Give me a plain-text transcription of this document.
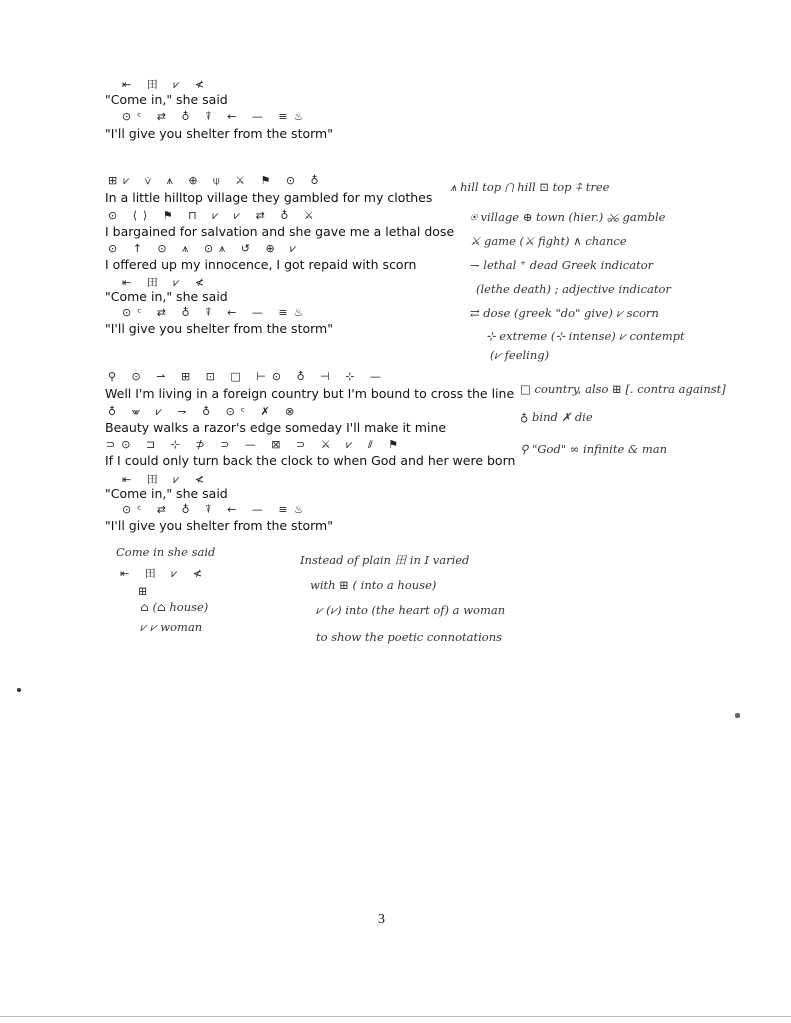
⇤ 田 ⩗ ≮
"Come in," she said
⊙ᶜ ⇄ ♁ ⍒ ← — ≡♨
"I'll give you shelter from the storm"
⊞⩗ ⩒ ⩚ ⊕ ⍦ ⚔ ⚑ ⊙ ♁
In a little hilltop village they gambled for my clothes
⊙ ⟨⟩ ⚑ ⊓ ⩗ ⩗ ⇄ ♁ ⚔
I bargained for salvation and she gave me a lethal dose
⊙ ↑ ⊙ ⩚ ⊙⩚ ↺ ⊕ ⩗
I offered up my innocence, I got repaid with scorn
⇤ 田 ⩗ ≮
"Come in," she said
⊙ᶜ ⇄ ♁ ⍒ ← — ≡♨
"I'll give you shelter from the storm"
⚲ ⊙ ⇀ ⊞ ⊡ □ ⊢⊙ ♁ ⊣ ⊹ —
Well I'm living in a foreign country but I'm bound to cross the line
♁ ⩖ ⩗ ⇁ ♁ ⊙ᶜ ✗ ⊗
Beauty walks a razor's edge someday I'll make it mine
⊃⊙ ⊐ ⊹ ⊅ ⊃ — ⊠ ⊃ ⚔ ⩗ ⫽ ⚑
If I could only turn back the clock to when God and her were born
⇤ 田 ⩗ ≮
"Come in," she said
⊙ᶜ ⇄ ♁ ⍒ ← — ≡♨
"I'll give you shelter from the storm"
⩚ hill top ⋂ hill ⊡ top ⍏ tree
⍟ village ⊕ town (hier.) ⚔ gamble
⚔ game (⚔ fight) ∧ chance
⇁ lethal ⁺ dead Greek indicator
(lethe death) ; adjective indicator
⇄ dose (greek "do" give) ⩗ scorn
⊹ extreme (⊹ intense) ⩗ contempt
(⩗ feeling)
□ country, also ⊞ [. contra against]
♁ bind ✗ die
⚲ "God" ∞ infinite & man
Come in she said
⇤ 田 ⩗ ≮
⊞
⌂ (⌂ house)
⩗ ⩗ woman
Instead of plain 田 in I varied
with ⊞ ( into a house)
⩗ (⩗) into (the heart of) a woman
to show the poetic connotations
3
